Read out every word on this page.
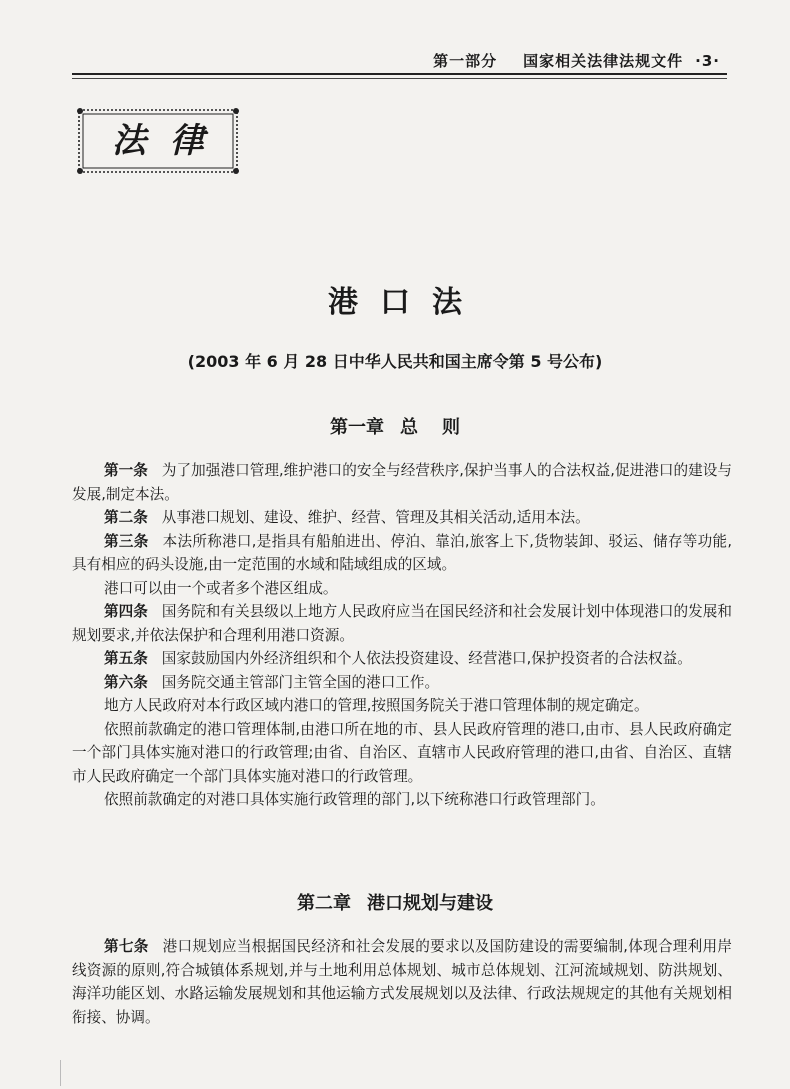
第一部分 国家相关法律法规文件 ·3·
法律
港口法
(2003 年 6 月 28 日中华人民共和国主席令第 5 号公布)
第一章 总 则

第一条 为了加强港口管理,维护港口的安全与经营秩序,保护当事人的合法权益,促进港口的建设与发展,制定本法。

第二条 从事港口规划、建设、维护、经营、管理及其相关活动,适用本法。

第三条 本法所称港口,是指具有船舶进出、停泊、靠泊,旅客上下,货物装卸、驳运、储存等功能,具有相应的码头设施,由一定范围的水域和陆域组成的区域。

港口可以由一个或者多个港区组成。

第四条 国务院和有关县级以上地方人民政府应当在国民经济和社会发展计划中体现港口的发展和规划要求,并依法保护和合理利用港口资源。

第五条 国家鼓励国内外经济组织和个人依法投资建设、经营港口,保护投资者的合法权益。

第六条 国务院交通主管部门主管全国的港口工作。

地方人民政府对本行政区域内港口的管理,按照国务院关于港口管理体制的规定确定。

依照前款确定的港口管理体制,由港口所在地的市、县人民政府管理的港口,由市、县人民政府确定一个部门具体实施对港口的行政管理;由省、自治区、直辖市人民政府管理的港口,由省、自治区、直辖市人民政府确定一个部门具体实施对港口的行政管理。

依照前款确定的对港口具体实施行政管理的部门,以下统称港口行政管理部门。

第二章 港口规划与建设

第七条 港口规划应当根据国民经济和社会发展的要求以及国防建设的需要编制,体现合理利用岸线资源的原则,符合城镇体系规划,并与土地利用总体规划、城市总体规划、江河流域规划、防洪规划、海洋功能区划、水路运输发展规划和其他运输方式发展规划以及法律、行政法规规定的其他有关规划相衔接、协调。
